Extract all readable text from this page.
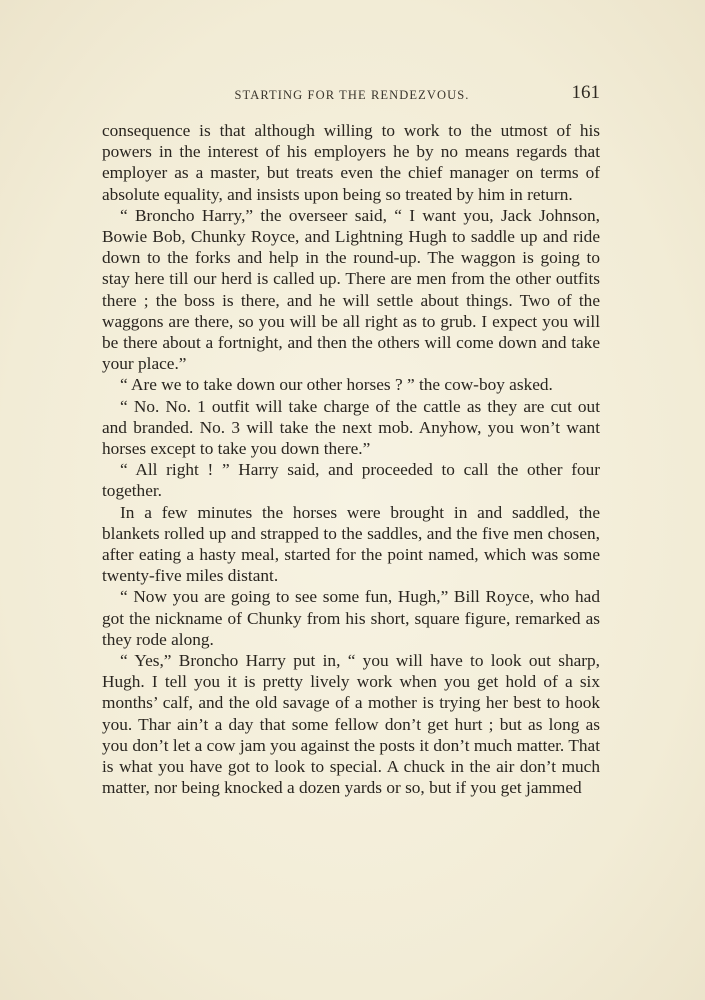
STARTING FOR THE RENDEZVOUS.	161

consequence is that although willing to work to the utmost of his powers in the interest of his employers he by no means regards that employer as a master, but treats even the chief manager on terms of absolute equality, and insists upon being so treated by him in return.

“ Broncho Harry,” the overseer said, “ I want you, Jack Johnson, Bowie Bob, Chunky Royce, and Lightning Hugh to saddle up and ride down to the forks and help in the round-up. The waggon is going to stay here till our herd is called up. There are men from the other outfits there ; the boss is there, and he will settle about things. Two of the waggons are there, so you will be all right as to grub. I expect you will be there about a fortnight, and then the others will come down and take your place.”

“ Are we to take down our other horses ? ” the cow-boy asked.

“ No. No. 1 outfit will take charge of the cattle as they are cut out and branded. No. 3 will take the next mob. Anyhow, you won’t want horses except to take you down there.”

“ All right ! ” Harry said, and proceeded to call the other four together.

In a few minutes the horses were brought in and saddled, the blankets rolled up and strapped to the saddles, and the five men chosen, after eating a hasty meal, started for the point named, which was some twenty-five miles distant.

“ Now you are going to see some fun, Hugh,” Bill Royce, who had got the nickname of Chunky from his short, square figure, remarked as they rode along.

“ Yes,” Broncho Harry put in, “ you will have to look out sharp, Hugh. I tell you it is pretty lively work when you get hold of a six months’ calf, and the old savage of a mother is trying her best to hook you. Thar ain’t a day that some fellow don’t get hurt ; but as long as you don’t let a cow jam you against the posts it don’t much matter. That is what you have got to look to special. A chuck in the air don’t much matter, nor being knocked a dozen yards or so, but if you get jammed
